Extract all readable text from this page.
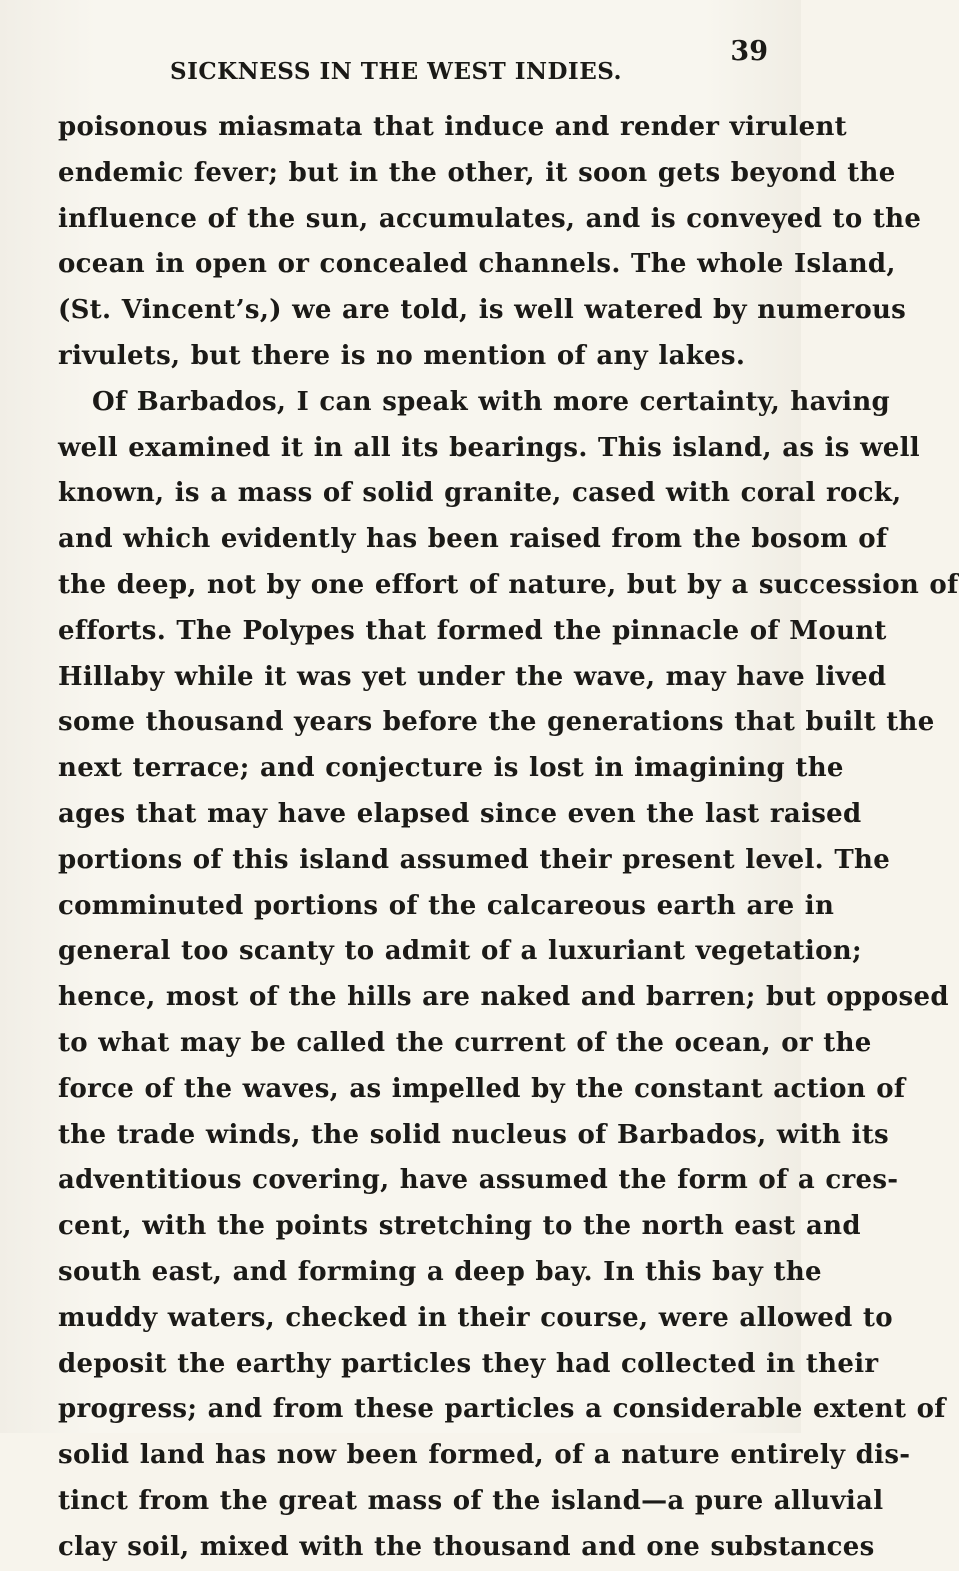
SICKNESS IN THE WEST INDIES.
39
poisonous miasmata that induce and render virulent
endemic fever; but in the other, it soon gets beyond the
influence of the sun, accumulates, and is conveyed to the
ocean in open or concealed channels. The whole Island,
(St. Vincent’s,) we are told, is well watered by numerous
rivulets, but there is no mention of any lakes.
Of Barbados, I can speak with more certainty, having
well examined it in all its bearings. This island, as is well
known, is a mass of solid granite, cased with coral rock,
and which evidently has been raised from the bosom of
the deep, not by one effort of nature, but by a succession of
efforts. The Polypes that formed the pinnacle of Mount
Hillaby while it was yet under the wave, may have lived
some thousand years before the generations that built the
next terrace; and conjecture is lost in imagining the
ages that may have elapsed since even the last raised
portions of this island assumed their present level. The
comminuted portions of the calcareous earth are in
general too scanty to admit of a luxuriant vegetation;
hence, most of the hills are naked and barren; but opposed
to what may be called the current of the ocean, or the
force of the waves, as impelled by the constant action of
the trade winds, the solid nucleus of Barbados, with its
adventitious covering, have assumed the form of a cres-
cent, with the points stretching to the north east and
south east, and forming a deep bay. In this bay the
muddy waters, checked in their course, were allowed to
deposit the earthy particles they had collected in their
progress; and from these particles a considerable extent of
solid land has now been formed, of a nature entirely dis-
tinct from the great mass of the island—a pure alluvial
clay soil, mixed with the thousand and one substances
